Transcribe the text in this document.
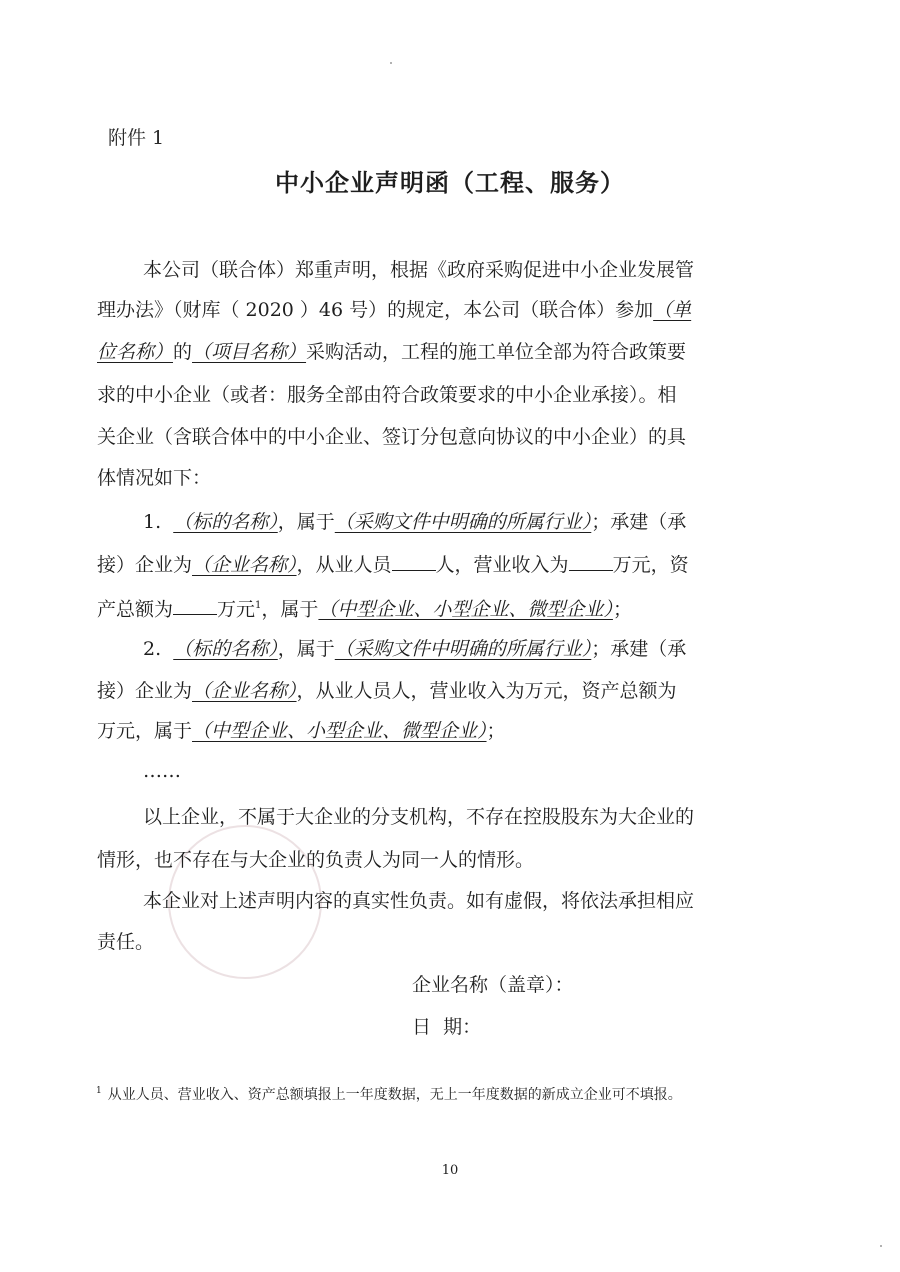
附件 1
中小企业声明函（工程、服务）
本公司（联合体）郑重声明，根据《政府采购促进中小企业发展管
理办法》（财库（ 2020 ）46 号）的规定，本公司（联合体）参加（单
位名称）的（项目名称）采购活动，工程的施工单位全部为符合政策要
求的中小企业（或者：服务全部由符合政策要求的中小企业承接）。相
关企业（含联合体中的中小企业、签订分包意向协议的中小企业）的具
体情况如下：
1. （标的名称），属于（采购文件中明确的所属行业）；承建（承
接）企业为（企业名称），从业人员 人，营业收入为 万元，资
产总额为 万元$^1$，属于（中型企业、小型企业、微型企业）；
2. （标的名称），属于（采购文件中明确的所属行业）；承建（承
接）企业为（企业名称），从业人员人，营业收入为万元，资产总额为
万元，属于（中型企业、小型企业、微型企业）；
……
以上企业，不属于大企业的分支机构，不存在控股股东为大企业的
情形，也不存在与大企业的负责人为同一人的情形。
本企业对上述声明内容的真实性负责。如有虚假，将依法承担相应
责任。
企业名称（盖章）：
日  期：
$^1$ 从业人员、营业收入、资产总额填报上一年度数据，无上一年度数据的新成立企业可不填报。
10
